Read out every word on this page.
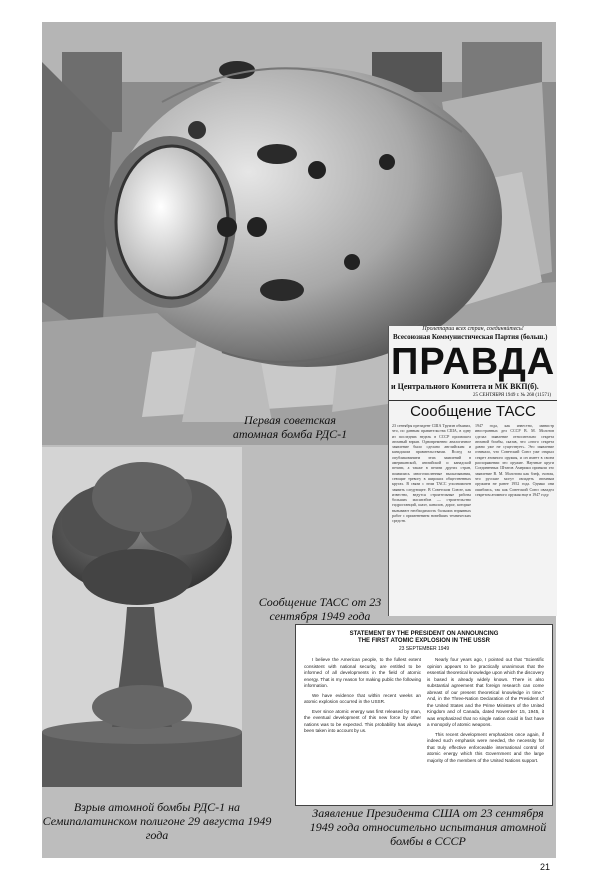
Первая советская атомная бомба РДС-1
Взрыв атомной бомбы РДС-1 на Семипалатинском полигоне 29 августа 1949 года
Сообщение ТАСС от 23 сентября 1949 года
Пролетарии всех стран, соединяйтесь!
Всесоюзная Коммунистическая Партия (больш.)
ПРАВДА
и Центрального Комитета и МК ВКП(б).
25 СЕНТЯБРЯ 1949 г. № 268 (11571)
Сообщение ТАСС
23 сентября президент США Трумэн объявил, что, по данным правительства США, в одну из последних недель в СССР произошел атомный взрыв. Одновременно аналогичное заявление было сделано английским и канадским правительствами. Вслед за опубликованием этих заявлений в американской, английской и канадской печати, а также в печати других стран, появились многочисленные высказывания, сеющие тревогу в широких общественных кругах. В связи с этим ТАСС уполномочен заявить следующее. В Советском Союзе, как известно, ведутся строительные работы больших масштабов — строительство гидростанций, шахт, каналов, дорог, которые вызывают необходимость больших взрывных работ с применением новейших технических средств.
1947 года, как известно, министр иностранных дел СССР В. М. Молотов сделал заявление относительно секрета атомной бомбы, сказав, что «этого секрета давно уже не существует». Это заявление означало, что Советский Союз уже открыл секрет атомного оружия, и он имеет в своем распоряжении это оружие. Научные круги Соединенных Штатов Америки приняли это заявление В. М. Молотова как блеф, считая, что русские могут овладеть атомным оружием не ранее 1952 года. Однако они ошиблись, так как Советский Союз овладел секретом атомного оружия еще в 1947 году.
STATEMENT BY THE PRESIDENT ON ANNOUNCING
THE FIRST ATOMIC EXPLOSION IN THE USSR
23 SEPTEMBER 1949

I believe the American people, to the fullest extent consistent with national security, are entitled to be informed of all developments in the field of atomic energy. That is my reason for making public the following information.

We have evidence that within recent weeks an atomic explosion occurred in the USSR.

Ever since atomic energy was first released by man, the eventual development of this new force by other nations was to be expected. This probability has always been taken into account by us.

Nearly four years ago, I pointed out that "Scientific opinion appears to be practically unanimous that the essential theoretical knowledge upon which the discovery is based is already widely known. There is also substantial agreement that foreign research can come abreast of our present theoretical knowledge in time." And, in the Three-Nation Declaration of the President of the United States and the Prime Ministers of the United Kingdom and of Canada, dated November 15, 1945, it was emphasized that no single nation could in fact have a monopoly of atomic weapons.

This recent development emphasizes once again, if indeed such emphasis were needed, the necessity for that truly effective enforceable international control of atomic energy which this Government and the large majority of the members of the United Nations support.

Заявление Президента США от 23 сентября 1949 года относительно испытания атомной бомбы в СССР
21
